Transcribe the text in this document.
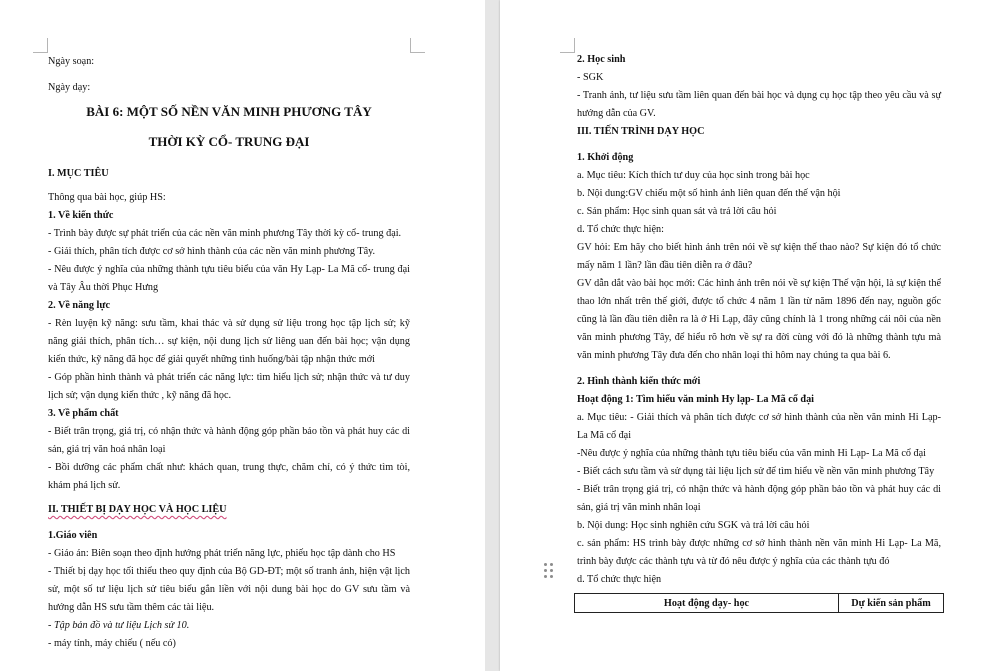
Ngày soạn:
Ngày dạy:
BÀI 6: MỘT SỐ NỀN VĂN MINH PHƯƠNG TÂY
THỜI KỲ CỔ- TRUNG ĐẠI
I. MỤC TIÊU
Thông qua bài học, giúp HS:
1. Về kiến thức
- Trình bày được sự phát triển của các nền văn minh phương Tây thời kỳ cổ- trung đại.
- Giải thích, phân tích được cơ sở hình thành của các nền văn minh phương Tây.
- Nêu được ý nghĩa của những thành tựu tiêu biểu của văn Hy Lạp- La Mã cổ- trung đại và Tây Âu thời Phục Hưng
2. Về năng lực
- Rèn luyện kỹ năng: sưu tầm, khai thác và sử dụng sử liệu trong học tập lịch sử; kỹ năng giải thích, phân tích… sự kiện, nội dung lịch sử liêng uan đến bài học; vận dụng kiến thức, kỹ năng đã học để giải quyết những tình huống/bài tập nhận thức mới
- Góp phần hình thành và phát triển các năng lực: tìm hiểu lịch sử; nhận thức và tư duy lịch sử; vận dụng kiến thức , kỹ năng đã học.
3. Về phẩm chất
- Biết trân trọng, giá trị, có nhận thức và hành động góp phần bảo tồn và phát huy các di sản, giá trị văn hoá nhân loại
- Bồi dưỡng các phẩm chất như: khách quan, trung thực, chăm chỉ, có ý thức tìm tòi, khám phá lịch sử.
II. THIẾT BỊ DẠY HỌC VÀ HỌC LIỆU
1.Giáo viên
- Giáo án: Biên soạn theo định hướng phát triển năng lực, phiếu học tập dành cho HS
- Thiết bị dạy học tối thiểu theo quy định của Bộ GD-ĐT; một số tranh ảnh, hiện vật lịch sử, một số tư liệu lịch sử tiêu biểu gắn liền với nội dung bài học do GV sưu tầm và hướng dẫn HS sưu tầm thêm các tài liệu.
- Tập bản đồ và tư liệu Lịch sử 10.
- máy tính, máy chiếu ( nếu có)
2. Học sinh
- SGK
- Tranh ảnh, tư liệu sưu tầm liên quan đến bài học và dụng cụ học tập theo yêu cầu và sự hướng dẫn của GV.
III. TIẾN TRÌNH DẠY HỌC
1. Khởi động
a. Mục tiêu: Kích thích tư duy của học sinh trong bài học
b. Nội dung:GV chiếu một số hình ảnh liên quan đến thế vận hội
c. Sản phẩm: Học sinh quan sát và trả lời câu hỏi
d. Tổ chức thực hiện:
GV hỏi: Em hãy cho biết hình ảnh trên nói về sự kiện thế thao nào? Sự kiện đó tổ chức mấy năm 1 lần? lần đầu tiên diễn ra ở đâu?
GV dẫn dắt vào bài học mới: Các hình ảnh trên nói về sự kiện Thế vận hội, là sự kiện thể thao lớn nhất trên thế giới, được tổ chức 4 năm 1 lần từ năm 1896 đến nay, nguồn gốc cũng là lần đầu tiên diễn ra là ở Hi Lạp, đây cũng chính là 1 trong những cái nôi của nền văn minh phương Tây, để hiểu rõ hơn về sự ra đời cùng với đó là những thành tựu mà văn minh phương Tây đưa đến cho nhân loại thì hôm nay chúng ta qua bài 6.
2. Hình thành kiến thức mới
Hoạt động 1: Tìm hiểu văn minh Hy lạp- La Mã cổ đại
a. Mục tiêu: - Giải thích và phân tích được cơ sở hình thành của nền văn minh Hi Lạp- La Mã cổ đại
-Nêu được ý nghĩa của những thành tựu tiêu biểu của văn minh Hi Lạp- La Mã cổ đại
- Biết cách sưu tầm và sử dụng tài liệu lịch sử để tìm hiểu về nền văn minh phương Tây
- Biết trân trọng giá trị, có nhận thức và hành động góp phần bảo tồn và phát huy các di sản, giá trị văn minh nhân loại
b. Nội dung: Học sinh nghiên cứu SGK và trả lời câu hỏi
c. sản phẩm: HS trình bày được những cơ sở hình thành nền văn minh Hi Lạp- La Mã, trình bày được các thành tựu và từ đó nêu được ý nghĩa của các thành tựu đó
d. Tổ chức thực hiện
Hoạt động dạy- học	Dự kiến sản phẩm
